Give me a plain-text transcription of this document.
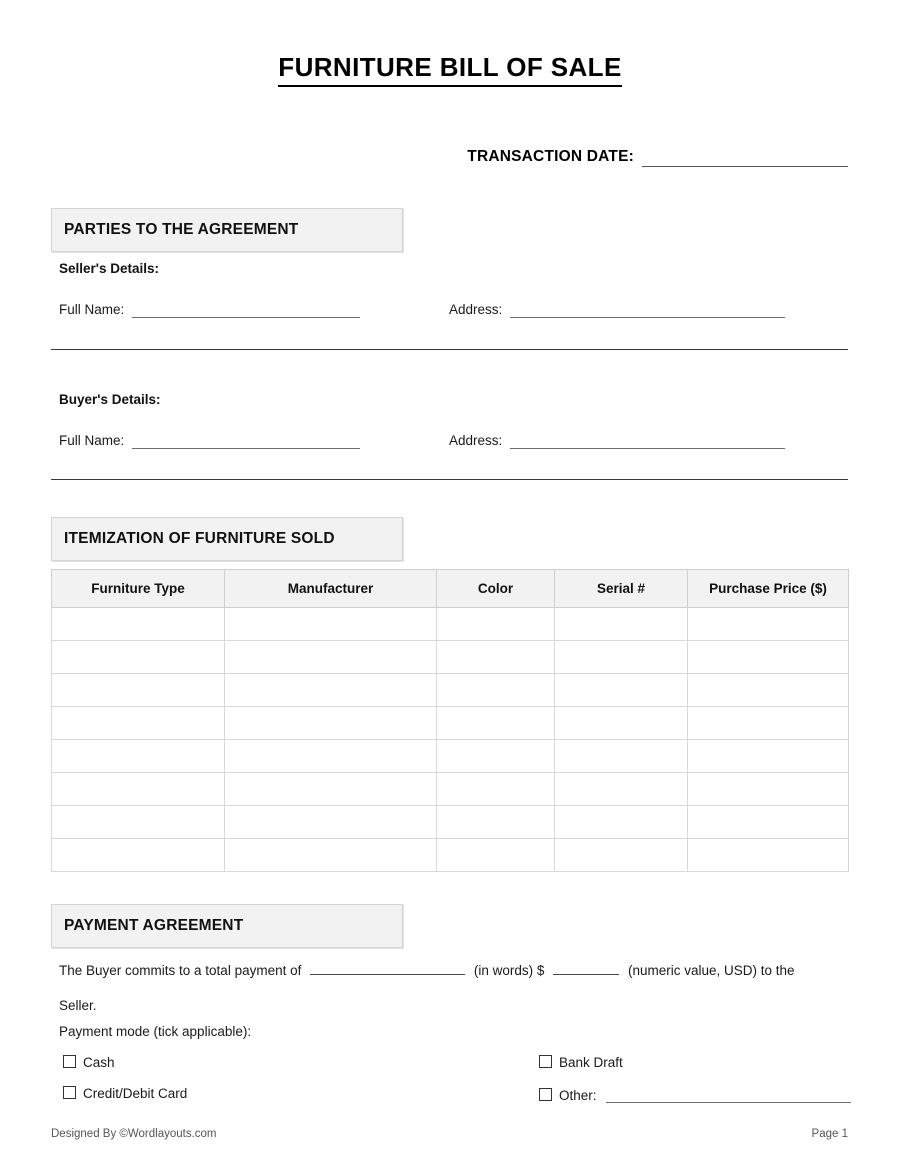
FURNITURE BILL OF SALE
TRANSACTION DATE:
PARTIES TO THE AGREEMENT
Seller's Details:
Full Name:	Address:
Buyer's Details:
Full Name:	Address:
ITEMIZATION OF FURNITURE SOLD
Furniture Type	Manufacturer	Color	Serial #	Purchase Price ($)

PAYMENT AGREEMENT
The Buyer commits to a total payment of	(in words) $	(numeric value, USD) to the
Seller.
Payment mode (tick applicable):
Cash	Bank Draft
Credit/Debit Card	Other:
Designed By ©Wordlayouts.com	Page 1
